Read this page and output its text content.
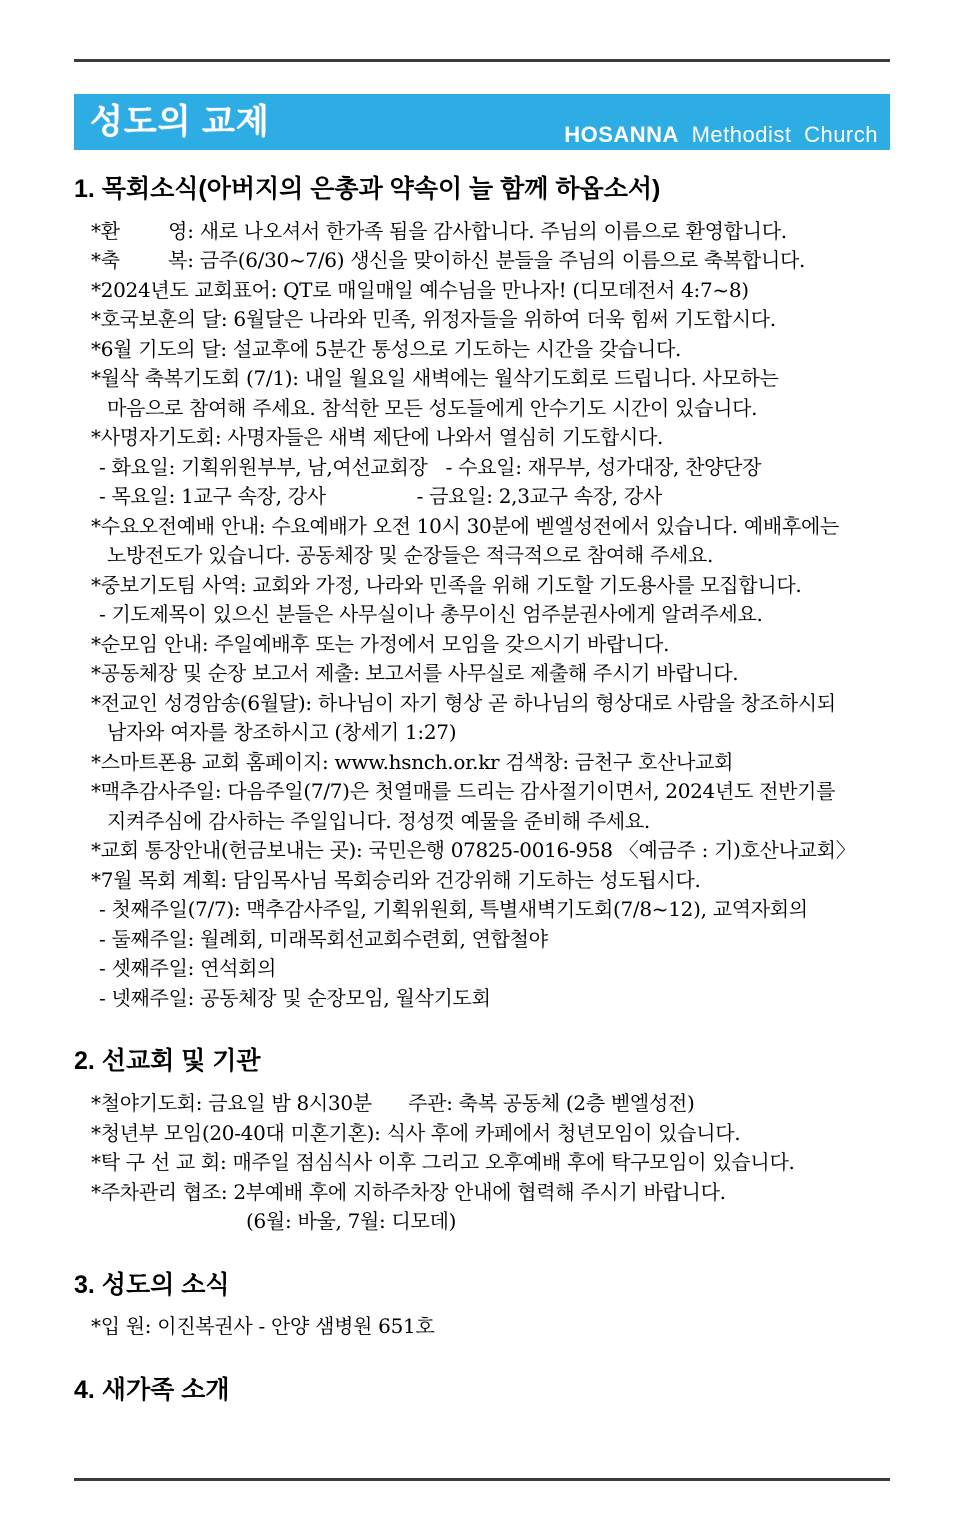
성도의 교제	HOSANNA Methodist Church
1. 목회소식(아버지의 은총과 약속이 늘 함께 하옵소서)
*환        영: 새로 나오셔서 한가족 됨을 감사합니다. 주님의 이름으로 환영합니다.
*축        복: 금주(6/30~7/6) 생신을 맞이하신 분들을 주님의 이름으로 축복합니다.
*2024년도 교회표어: QT로 매일매일 예수님을 만나자! (디모데전서 4:7~8)
*호국보훈의 달: 6월달은 나라와 민족, 위정자들을 위하여 더욱 힘써 기도합시다.
*6월 기도의 달: 설교후에 5분간 통성으로 기도하는 시간을 갖습니다.
*월삭 축복기도회 (7/1): 내일 월요일 새벽에는 월삭기도회로 드립니다. 사모하는
마음으로 참여해 주세요. 참석한 모든 성도들에게 안수기도 시간이 있습니다.
*사명자기도회: 사명자들은 새벽 제단에 나와서 열심히 기도합시다.
- 화요일: 기획위원부부, 남,여선교회장   - 수요일: 재무부, 성가대장, 찬양단장
- 목요일: 1교구 속장, 강사               - 금요일: 2,3교구 속장, 강사
*수요오전예배 안내: 수요예배가 오전 10시 30분에 벧엘성전에서 있습니다. 예배후에는
노방전도가 있습니다. 공동체장 및 순장들은 적극적으로 참여해 주세요.
*중보기도팀 사역: 교회와 가정, 나라와 민족을 위해 기도할 기도용사를 모집합니다.
- 기도제목이 있으신 분들은 사무실이나 총무이신 엄주분권사에게 알려주세요.
*순모임 안내: 주일예배후 또는 가정에서 모임을 갖으시기 바랍니다.
*공동체장 및 순장 보고서 제출: 보고서를 사무실로 제출해 주시기 바랍니다.
*전교인 성경암송(6월달): 하나님이 자기 형상 곧 하나님의 형상대로 사람을 창조하시되
남자와 여자를 창조하시고 (창세기 1:27)
*스마트폰용 교회 홈페이지: www.hsnch.or.kr 검색창: 금천구 호산나교회
*맥추감사주일: 다음주일(7/7)은 첫열매를 드리는 감사절기이면서, 2024년도 전반기를
지켜주심에 감사하는 주일입니다. 정성껏 예물을 준비해 주세요.
*교회 통장안내(헌금보내는 곳): 국민은행 07825-0016-958 〈예금주 : 기)호산나교회〉
*7월 목회 계획: 담임목사님 목회승리와 건강위해 기도하는 성도됩시다.
- 첫째주일(7/7): 맥추감사주일, 기획위원회, 특별새벽기도회(7/8~12), 교역자회의
- 둘째주일: 월례회, 미래목회선교회수련회, 연합철야
- 셋째주일: 연석회의
- 넷째주일: 공동체장 및 순장모임, 월삭기도회
2. 선교회 및 기관
*철야기도회: 금요일 밤 8시30분      주관: 축복 공동체 (2층 벧엘성전)
*청년부 모임(20-40대 미혼기혼): 식사 후에 카페에서 청년모임이 있습니다.
*탁 구 선 교 회: 매주일 점심식사 이후 그리고 오후예배 후에 탁구모임이 있습니다.
*주차관리 협조: 2부예배 후에 지하주차장 안내에 협력해 주시기 바랍니다.
(6월: 바울, 7월: 디모데)
3. 성도의 소식
*입 원: 이진복권사 - 안양 샘병원 651호
4. 새가족 소개
